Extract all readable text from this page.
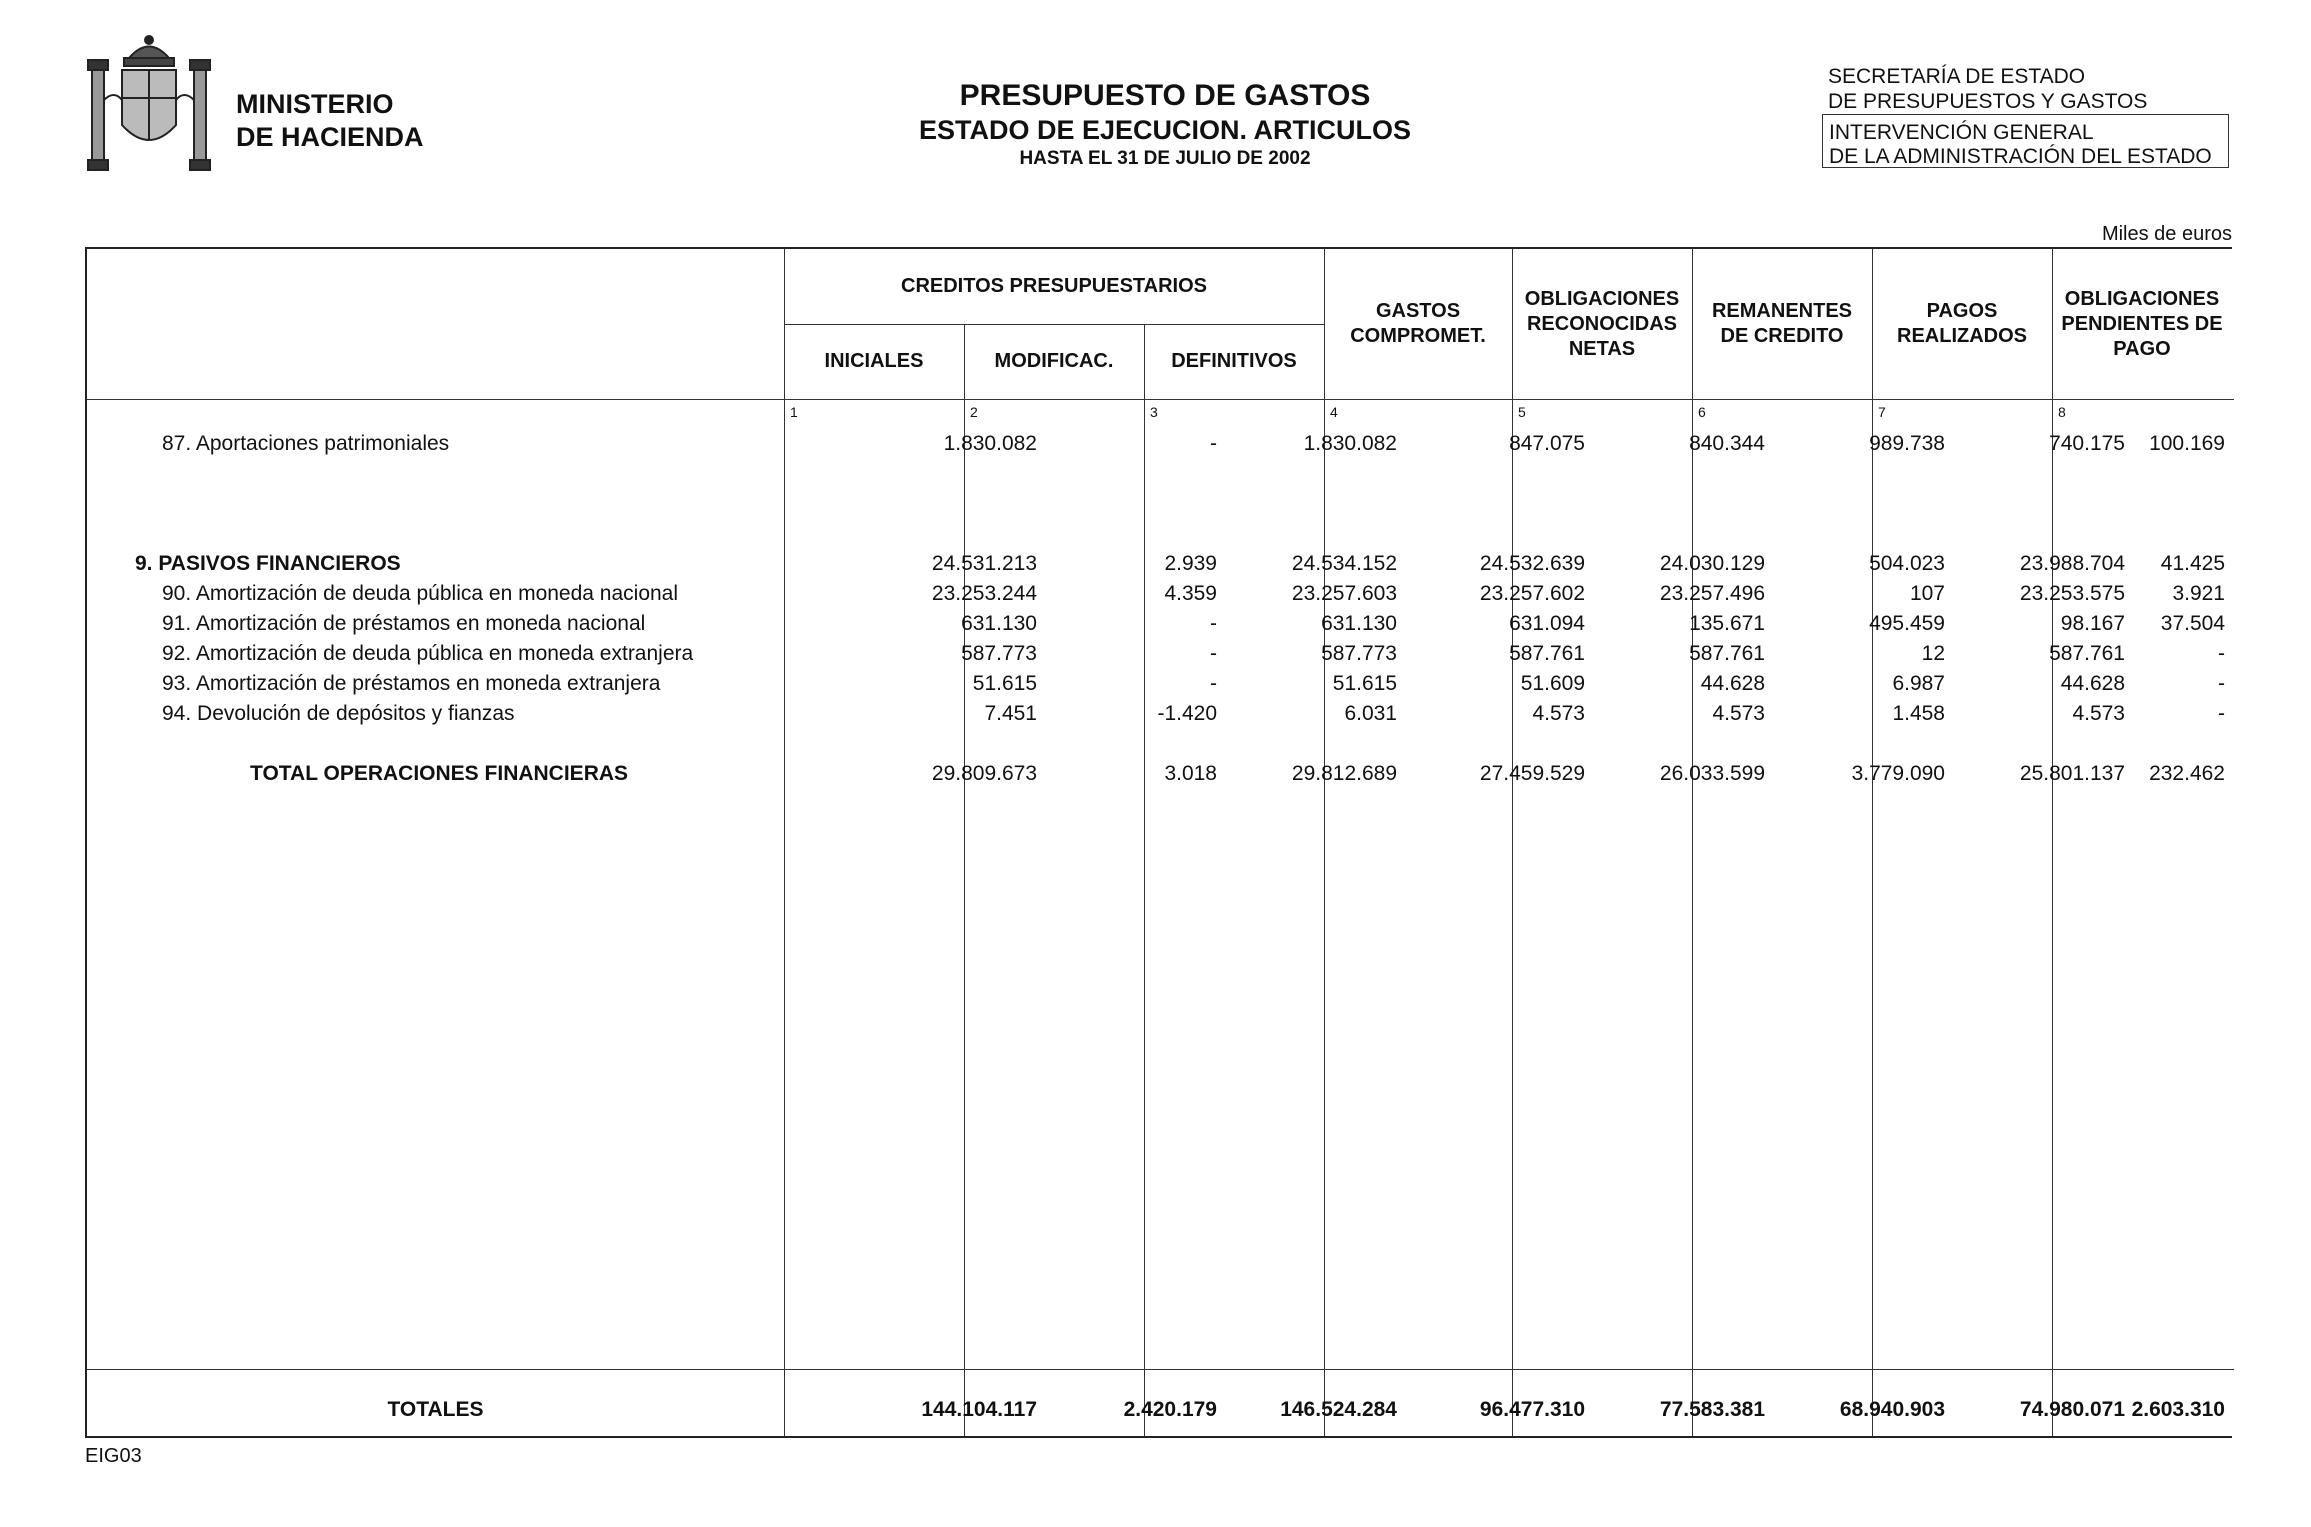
MINISTERIO
DE HACIENDA
PRESUPUESTO DE GASTOS
ESTADO DE EJECUCION. ARTICULOS
HASTA EL 31 DE JULIO DE 2002
SECRETARÍA DE ESTADO
DE PRESUPUESTOS Y GASTOS
INTERVENCIÓN GENERAL
DE LA ADMINISTRACIÓN DEL ESTADO
Miles de euros
CREDITOS PRESUPUESTARIOS
INICIALES	MODIFICAC.	DEFINITIVOS
GASTOS
COMPROMET.
OBLIGACIONES
RECONOCIDAS
NETAS
REMANENTES
DE CREDITO
PAGOS
REALIZADOS
OBLIGACIONES
PENDIENTES DE
PAGO
1	2	3	4	5	6	7	8
87. Aportaciones patrimoniales	1.830.082	-	1.830.082	847.075	840.344	989.738	740.175 100.169
9. PASIVOS FINANCIEROS	24.531.213	2.939	24.534.152	24.532.639	24.030.129	504.023	23.988.704 41.425
90. Amortización de deuda pública en moneda nacional	23.253.244	4.359	23.257.603	23.257.602	23.257.496	107	23.253.575 3.921
91. Amortización de préstamos en moneda nacional	631.130	-	631.130	631.094	135.671	495.459	98.167 37.504
92. Amortización de deuda pública en moneda extranjera	587.773	-	587.773	587.761	587.761	12	587.761	-
93. Amortización de préstamos en moneda extranjera	51.615	-	51.615	51.609	44.628	6.987	44.628	-
94. Devolución de depósitos y fianzas	7.451	-1.420	6.031	4.573	4.573	1.458	4.573	-
TOTAL OPERACIONES FINANCIERAS	29.809.673	3.018	29.812.689	27.459.529	26.033.599	3.779.090	25.801.137 232.462
TOTALES	144.104.117	2.420.179	146.524.284	96.477.310	77.583.381	68.940.903	74.980.071 2.603.310
EIG03
